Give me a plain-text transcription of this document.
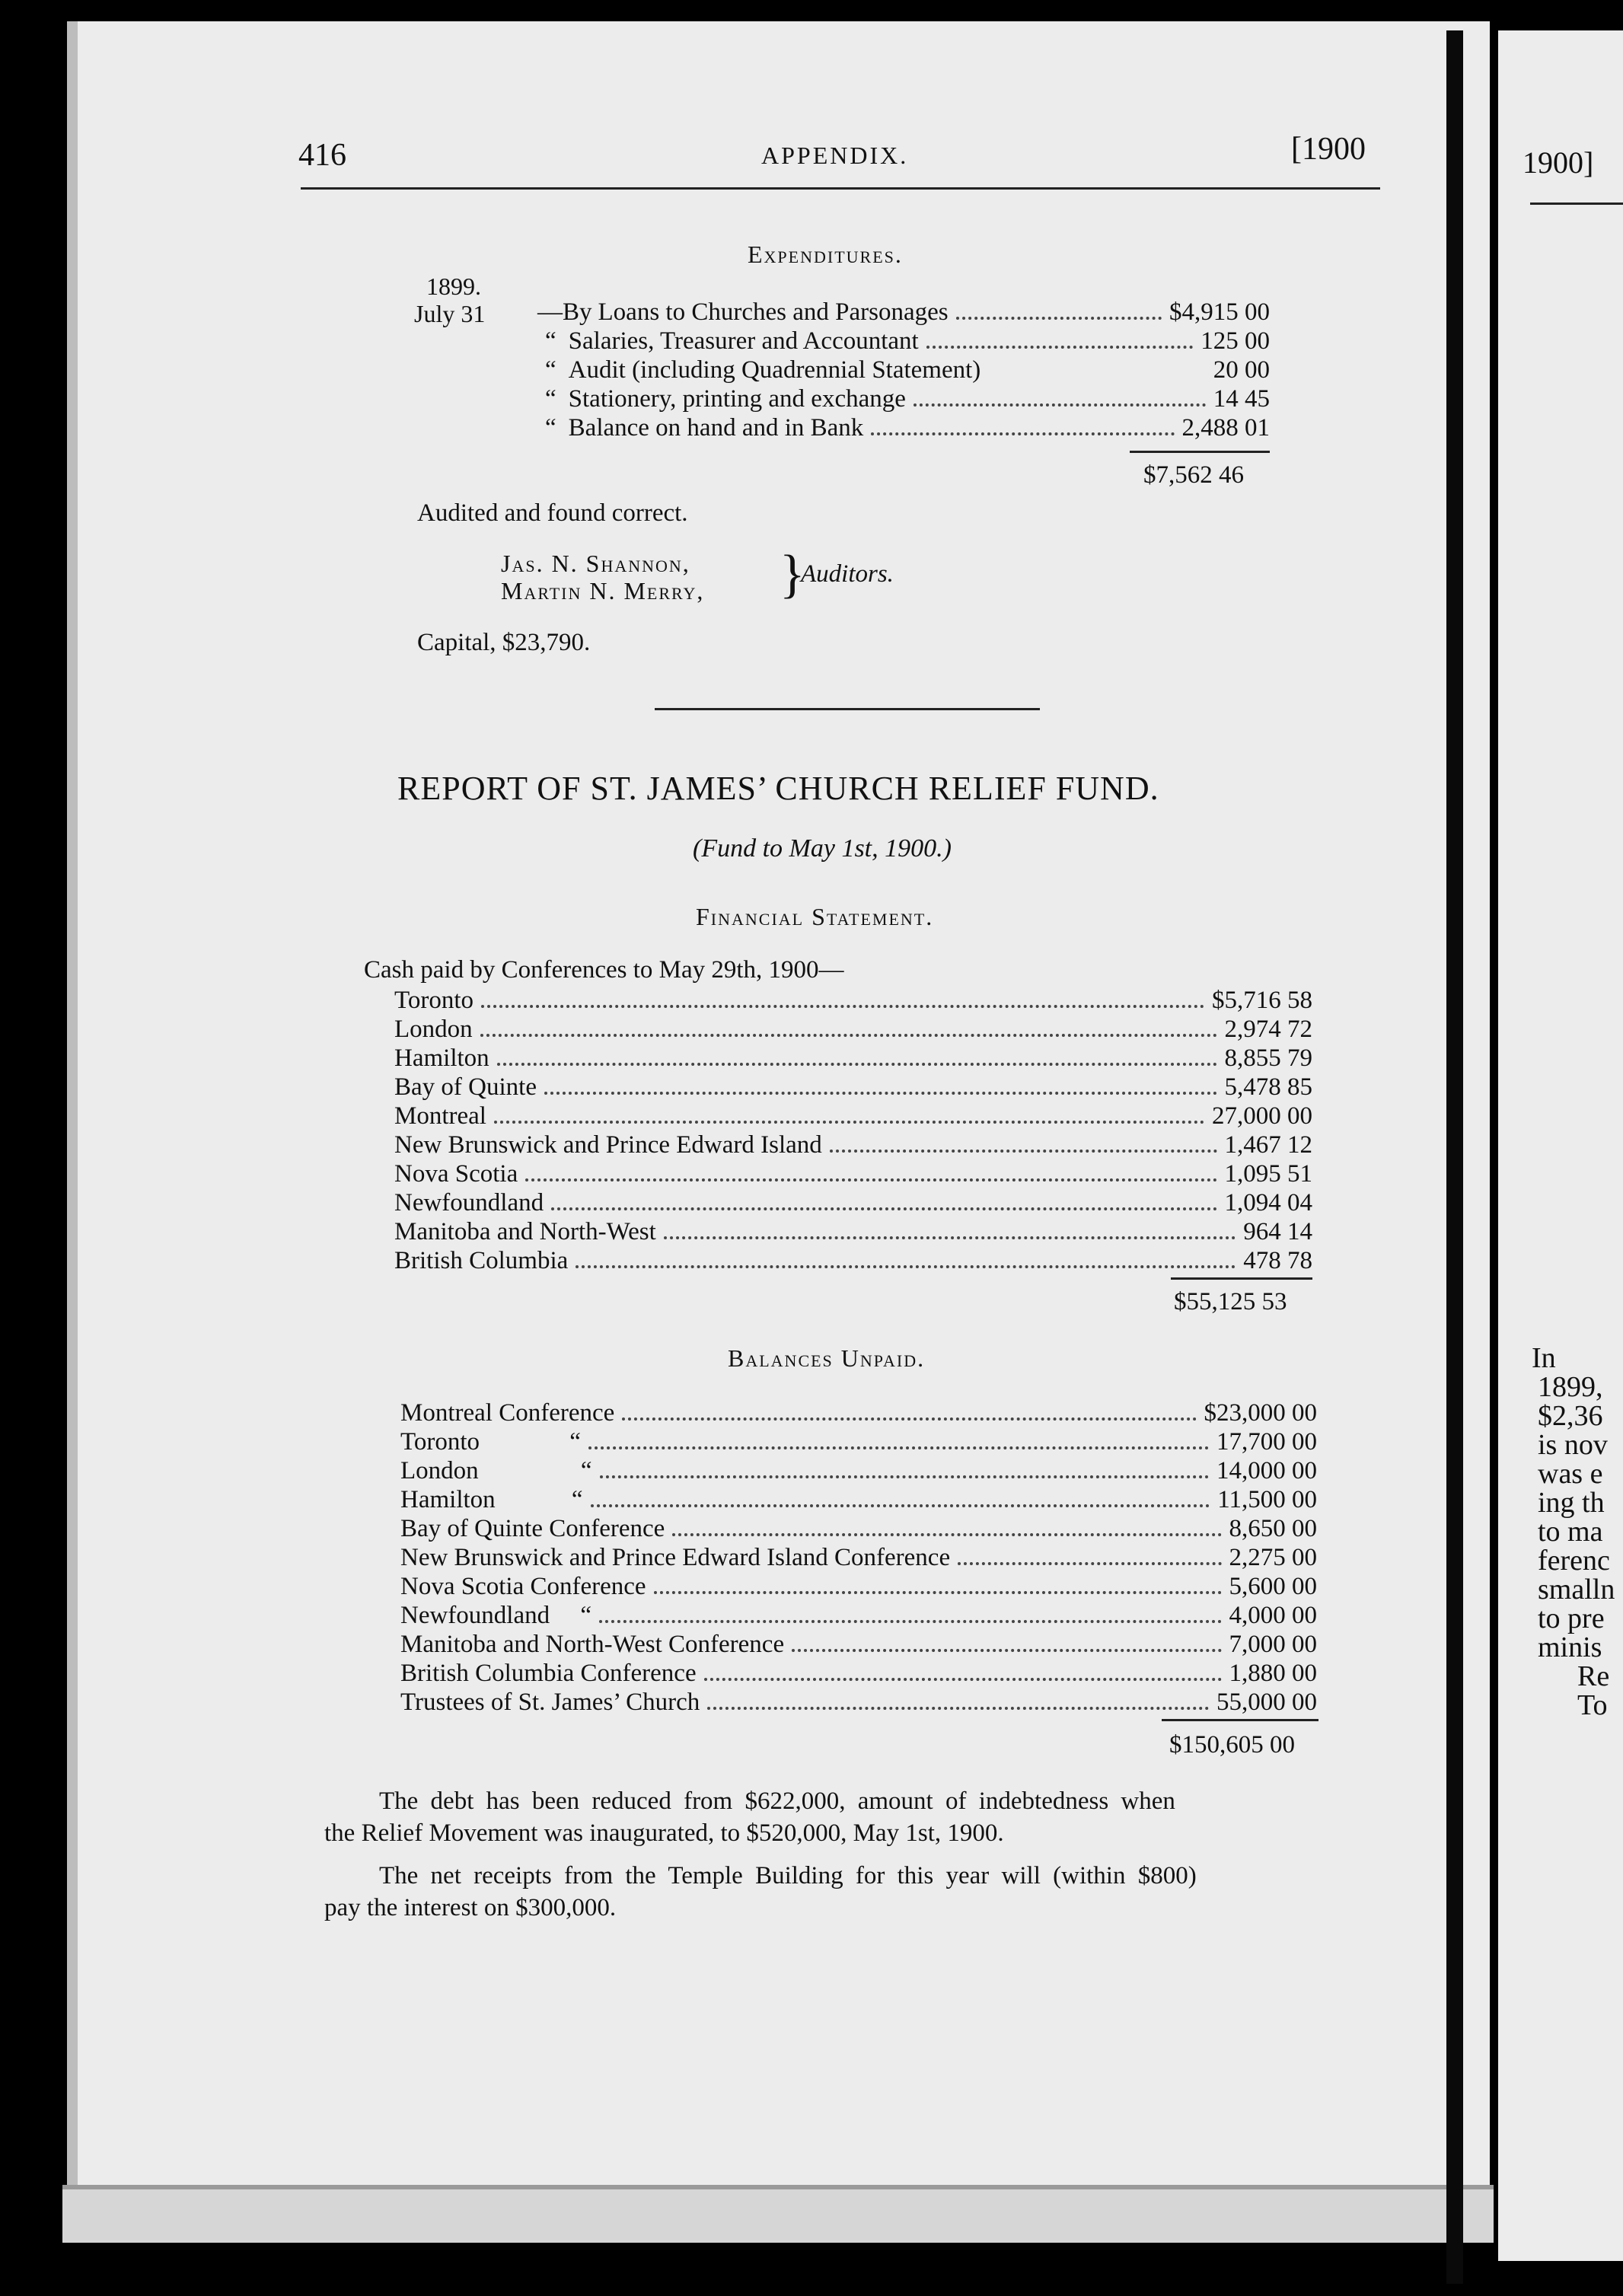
1900]
In
1899,
$2,36
is nov
was e
ing th
to ma
ferenc
smalln
to pre
minis
Re
To
416	APPENDIX.	[1900
Expenditures.
1899.
July 31 —By Loans to Churches and Parsonages	$4,915 00
“ Salaries, Treasurer and Accountant	125 00
“ Audit (including Quadrennial Statement)	20 00
“ Stationery, printing and exchange	14 45
“ Balance on hand and in Bank	2,488 01
$7,562 46
Audited and found correct.
Jas. N. Shannon,
Martin N. Merry, }
Auditors.
Capital, $23,790.
REPORT OF ST. JAMES’ CHURCH RELIEF FUND.
(Fund to May 1st, 1900.)
Financial Statement.
Cash paid by Conferences to May 29th, 1900—
Toronto	$5,716 58
London	2,974 72
Hamilton	8,855 79
Bay of Quinte	5,478 85
Montreal	27,000 00
New Brunswick and Prince Edward Island	1,467 12
Nova Scotia	1,095 51
Newfoundland	1,094 04
Manitoba and North-West	964 14
British Columbia	478 78
$55,125 53
Balances Unpaid.
Montreal Conference	$23,000 00
Toronto “	17,700 00
London “	14,000 00
Hamilton “	11,500 00
Bay of Quinte Conference	8,650 00
New Brunswick and Prince Edward Island Conference	2,275 00
Nova Scotia Conference	5,600 00
Newfoundland “	4,000 00
Manitoba and North-West Conference	7,000 00
British Columbia Conference	1,880 00
Trustees of St. James’ Church	55,000 00
$150,605 00
The debt has been reduced from $622,000, amount of indebtedness when
the Relief Movement was inaugurated, to $520,000, May 1st, 1900.
The net receipts from the Temple Building for this year will (within $800)
pay the interest on $300,000.
